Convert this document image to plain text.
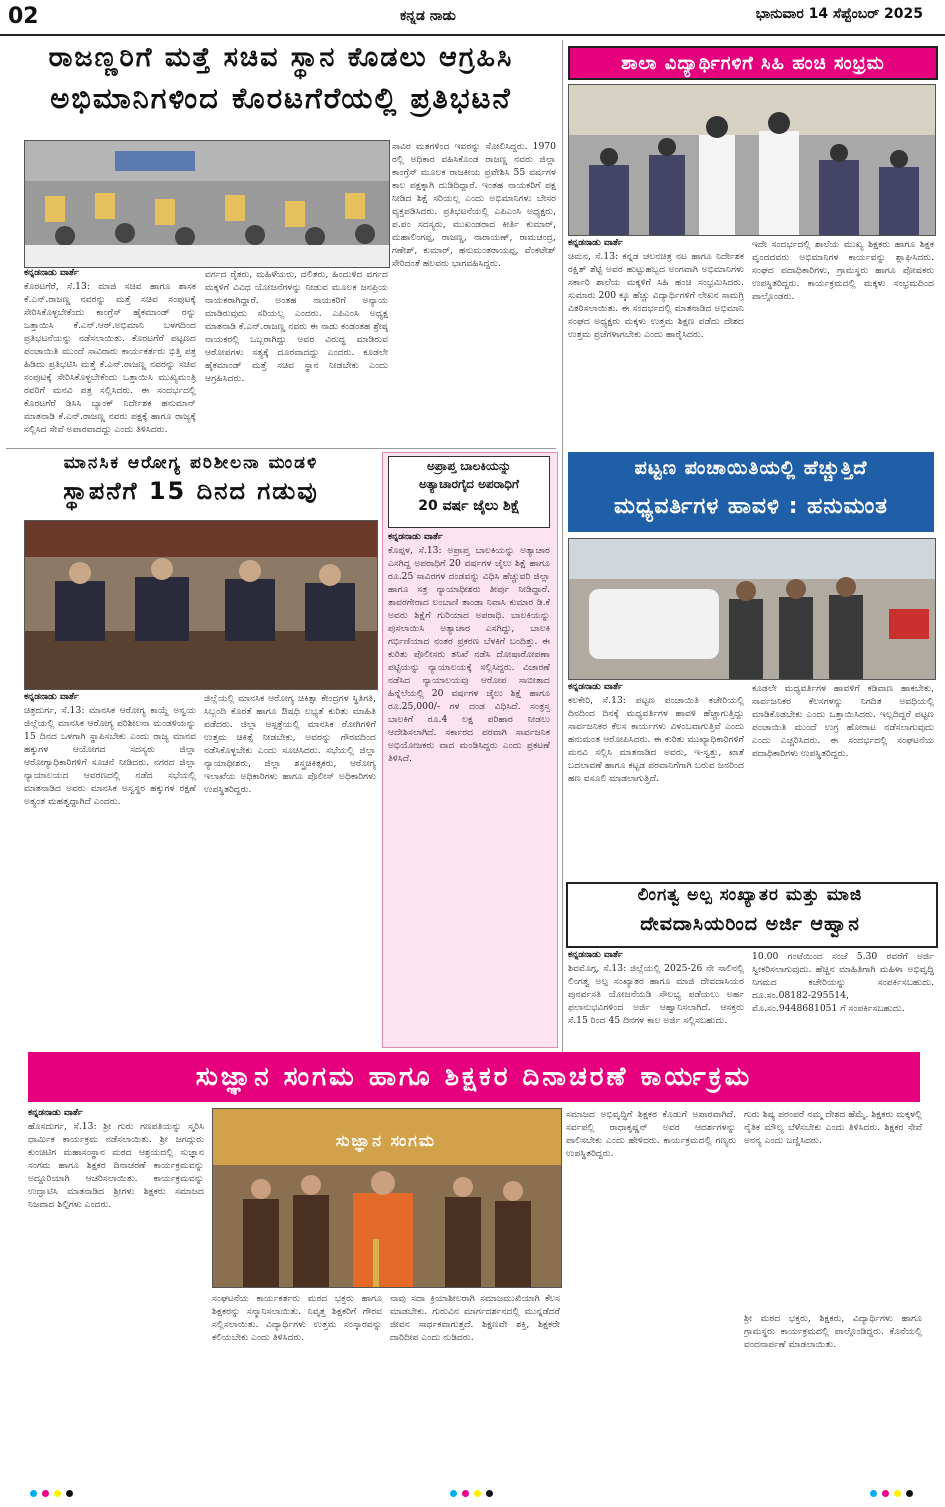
02	ಕನ್ನಡ ನಾಡು	ಭಾನುವಾರ 14 ಸೆಪ್ಟೆಂಬರ್ 2025
ರಾಜಣ್ಣರಿಗೆ ಮತ್ತೆ ಸಚಿವ ಸ್ಥಾನ ಕೊಡಲು ಆಗ್ರಹಿಸಿ
ಅಭಿಮಾನಿಗಳಿಂದ ಕೊರಟಗೆರೆಯಲ್ಲಿ ಪ್ರತಿಭಟನೆ
ಕನ್ನಡನಾಡು ವಾರ್ತೆ
ಕೊರಟಗೆರೆ, ಸೆ.13: ಮಾಜಿ ಸಚಿವ ಹಾಗೂ ಶಾಸಕ ಕೆ.ಎನ್.ರಾಜಣ್ಣ ನವರನ್ನು ಮತ್ತೆ ಸಚಿವ ಸಂಪುಟಕ್ಕೆ ಸೇರಿಸಿಕೊಳ್ಳಬೇಕೆಂದು ಕಾಂಗ್ರೆಸ್ ಹೈಕಮಾಂಡ್ ರನ್ನು ಒತ್ತಾಯಿಸಿ ಕೆ.ಎನ್.ಆರ್.ಅಭಿಮಾನಿ ಬಳಗದಿಂದ ಪ್ರತಿಭಟನೆಯನ್ನು ನಡೆಸಲಾಯಿತು. ಕೊರಟಗೆರೆ ಪಟ್ಟಣದ ಪಂಚಾಯಿತಿ ಮುಂದೆ ಸಾವಿರಾರು ಕಾರ್ಯಕರ್ತರು ಭಿತ್ತಿ ಪತ್ರ ಹಿಡಿದು ಪ್ರತಿಭಟಿಸಿ ಮತ್ತೆ ಕೆ.ಎನ್.ರಾಜಣ್ಣ ನವರನ್ನು ಸಚಿವ ಸಂಪುಟಕ್ಕೆ ಸೇರಿಸಿಕೊಳ್ಳಬೇಕೆಂದು ಒತ್ತಾಯಿಸಿ ಮುಖ್ಯಮಂತ್ರಿ ರವರಿಗೆ ಮನವಿ ಪತ್ರ ಸಲ್ಲಿಸಿದರು. ಈ ಸಂದರ್ಭದಲ್ಲಿ ಕೊರಟಗೆರೆ ಡಿಸಿಸಿ ಬ್ಯಾಂಕ್ ನಿರ್ದೇಶಕ ಹನುಮಾನ್ ಮಾತನಾಡಿ ಕೆ.ಎನ್.ರಾಜಣ್ಣ ನವರು ಪಕ್ಷಕ್ಕೆ ಹಾಗೂ ರಾಜ್ಯಕ್ಕೆ ಸಲ್ಲಿಸಿದ ಸೇವೆ ಅಪಾರವಾದದ್ದು ಎಂದು ತಿಳಿಸಿದರು.
ವರ್ಗದ ರೈತರು, ಮಹಿಳೆಯರು, ದಲಿತರು, ಹಿಂದುಳಿದ ವರ್ಗದ ಮಕ್ಕಳಿಗೆ ವಿವಿಧ ಯೋಜನೆಗಳನ್ನು ನೀಡುವ ಮೂಲಕ ಜನಪ್ರಿಯ ನಾಯಕರಾಗಿದ್ದಾರೆ. ಅಂತಹ ನಾಯಕರಿಗೆ ಅನ್ಯಾಯ ಮಾಡಿರುವುದು ಸರಿಯಲ್ಲ ಎಂದರು. ಎಪಿಎಂಸಿ ಅಧ್ಯಕ್ಷ ಮಾತನಾಡಿ ಕೆ.ಎನ್.ರಾಜಣ್ಣ ನವರು ಈ ನಾಡು ಕಂಡಂತಹ ಶ್ರೇಷ್ಠ ನಾಯಕರಲ್ಲಿ ಒಬ್ಬರಾಗಿದ್ದು ಅವರ ವಿರುದ್ಧ ಮಾಡಿರುವ ಆರೋಪಗಳು ಸತ್ಯಕ್ಕೆ ದೂರವಾದದ್ದು ಎಂದರು. ಕೂಡಲೇ ಹೈಕಮಾಂಡ್ ಮತ್ತೆ ಸಚಿವ ಸ್ಥಾನ ನೀಡಬೇಕು ಎಂದು ಆಗ್ರಹಿಸಿದರು.
ಸಾವಿರ ಮತಗಳಿಂದ ಇವರನ್ನು ಸೋಲಿಸಿದ್ದರು. 1970 ರಲ್ಲಿ ಅಧಿಕಾರ ವಹಿಸಿಕೊಂಡ ರಾಜಣ್ಣ ನವರು ಜಿಲ್ಲಾ ಕಾಂಗ್ರೆಸ್ ಮೂಲಕ ರಾಜಕೀಯ ಪ್ರವೇಶಿಸಿ 55 ವರ್ಷಗಳ ಕಾಲ ಪಕ್ಷಕ್ಕಾಗಿ ದುಡಿದಿದ್ದಾರೆ. ಇಂತಹ ನಾಯಕರಿಗೆ ಪಕ್ಷ ನೀಡಿದ ಶಿಕ್ಷೆ ಸರಿಯಲ್ಲ ಎಂದು ಅಭಿಮಾನಿಗಳು ಬೇಸರ ವ್ಯಕ್ತಪಡಿಸಿದರು. ಪ್ರತಿಭಟನೆಯಲ್ಲಿ ಎಪಿಎಂಸಿ ಅಧ್ಯಕ್ಷರು, ಪ.ಪಂ ಸದಸ್ಯರು, ಮುಖಂಡರಾದ ಕೀರ್ತಿ ಕುಮಾರ್, ಮಹಾಲಿಂಗಪ್ಪ, ರಾಜಣ್ಣ, ನಾರಾಯಣ್, ರಾಮಚಂದ್ರ, ಗಣೇಶ್, ಕುಮಾರ್, ಹನುಮಂತರಾಯಪ್ಪ, ವೆಂಕಟೇಶ್ ಸೇರಿದಂತೆ ಹಲವರು ಭಾಗವಹಿಸಿದ್ದರು.
ಶಾಲಾ ವಿದ್ಯಾರ್ಥಿಗಳಿಗೆ ಸಿಹಿ ಹಂಚಿ ಸಂಭ್ರಮ
ಕನ್ನಡನಾಡು ವಾರ್ತೆ
ಚಿಮನ, ಸೆ.13: ಕನ್ನಡ ಚಲನಚಿತ್ರ ನಟ ಹಾಗೂ ನಿರ್ದೇಶಕ ರಕ್ಷಿತ್ ಶೆಟ್ಟಿ ಅವರ ಹುಟ್ಟುಹಬ್ಬದ ಅಂಗವಾಗಿ ಅಭಿಮಾನಿಗಳು ಸರ್ಕಾರಿ ಶಾಲೆಯ ಮಕ್ಕಳಿಗೆ ಸಿಹಿ ಹಂಚಿ ಸಂಭ್ರಮಿಸಿದರು. ಸುಮಾರು 200 ಕ್ಕೂ ಹೆಚ್ಚು ವಿದ್ಯಾರ್ಥಿಗಳಿಗೆ ಲೇಖನ ಸಾಮಗ್ರಿ ವಿತರಿಸಲಾಯಿತು. ಈ ಸಂದರ್ಭದಲ್ಲಿ ಮಾತನಾಡಿದ ಅಭಿಮಾನಿ ಸಂಘದ ಅಧ್ಯಕ್ಷರು ಮಕ್ಕಳು ಉತ್ತಮ ಶಿಕ್ಷಣ ಪಡೆದು ದೇಶದ ಉತ್ತಮ ಪ್ರಜೆಗಳಾಗಬೇಕು ಎಂದು ಹಾರೈಸಿದರು.
ಇದೇ ಸಂದರ್ಭದಲ್ಲಿ ಶಾಲೆಯ ಮುಖ್ಯ ಶಿಕ್ಷಕರು ಹಾಗೂ ಶಿಕ್ಷಕ ವೃಂದದವರು ಅಭಿಮಾನಿಗಳ ಕಾರ್ಯವನ್ನು ಶ್ಲಾಘಿಸಿದರು. ಸಂಘದ ಪದಾಧಿಕಾರಿಗಳು, ಗ್ರಾಮಸ್ಥರು ಹಾಗೂ ಪೋಷಕರು ಉಪಸ್ಥಿತರಿದ್ದರು. ಕಾರ್ಯಕ್ರಮದಲ್ಲಿ ಮಕ್ಕಳು ಸಂಭ್ರಮದಿಂದ ಪಾಲ್ಗೊಂಡರು.
ಮಾನಸಿಕ ಆರೋಗ್ಯ ಪರಿಶೀಲನಾ ಮಂಡಳಿ
ಸ್ಥಾಪನೆಗೆ 15 ದಿನದ ಗಡುವು
ಕನ್ನಡನಾಡು ವಾರ್ತೆ
ಚಿತ್ರದುರ್ಗ, ಸೆ.13: ಮಾನಸಿಕ ಆರೋಗ್ಯ ಕಾಯ್ದೆ ಅನ್ವಯ ಜಿಲ್ಲೆಯಲ್ಲಿ ಮಾನಸಿಕ ಆರೋಗ್ಯ ಪರಿಶೀಲನಾ ಮಂಡಳಿಯನ್ನು 15 ದಿನದ ಒಳಗಾಗಿ ಸ್ಥಾಪಿಸಬೇಕು ಎಂದು ರಾಜ್ಯ ಮಾನವ ಹಕ್ಕುಗಳ ಆಯೋಗದ ಸದಸ್ಯರು ಜಿಲ್ಲಾ ಆರೋಗ್ಯಾಧಿಕಾರಿಗಳಿಗೆ ಸೂಚನೆ ನೀಡಿದರು. ನಗರದ ಜಿಲ್ಲಾ ನ್ಯಾಯಾಲಯದ ಆವರಣದಲ್ಲಿ ನಡೆದ ಸಭೆಯಲ್ಲಿ ಮಾತನಾಡಿದ ಅವರು ಮಾನಸಿಕ ಅಸ್ವಸ್ಥರ ಹಕ್ಕುಗಳ ರಕ್ಷಣೆ ಅತ್ಯಂತ ಮಹತ್ವದ್ದಾಗಿದೆ ಎಂದರು.
ಜಿಲ್ಲೆಯಲ್ಲಿ ಮಾನಸಿಕ ಆರೋಗ್ಯ ಚಿಕಿತ್ಸಾ ಕೇಂದ್ರಗಳ ಸ್ಥಿತಿಗತಿ, ಸಿಬ್ಬಂದಿ ಕೊರತೆ ಹಾಗೂ ಔಷಧಿ ಲಭ್ಯತೆ ಕುರಿತು ಮಾಹಿತಿ ಪಡೆದರು. ಜಿಲ್ಲಾ ಆಸ್ಪತ್ರೆಯಲ್ಲಿ ಮಾನಸಿಕ ರೋಗಿಗಳಿಗೆ ಉತ್ತಮ ಚಿಕಿತ್ಸೆ ನೀಡಬೇಕು, ಅವರನ್ನು ಗೌರವದಿಂದ ನಡೆಸಿಕೊಳ್ಳಬೇಕು ಎಂದು ಸೂಚಿಸಿದರು. ಸಭೆಯಲ್ಲಿ ಜಿಲ್ಲಾ ನ್ಯಾಯಾಧೀಶರು, ಜಿಲ್ಲಾ ಶಸ್ತ್ರಚಿಕಿತ್ಸಕರು, ಆರೋಗ್ಯ ಇಲಾಖೆಯ ಅಧಿಕಾರಿಗಳು ಹಾಗೂ ಪೊಲೀಸ್ ಅಧಿಕಾರಿಗಳು ಉಪಸ್ಥಿತರಿದ್ದರು.
ಅಪ್ರಾಪ್ತ ಬಾಲಕಿಯನ್ನು
ಅತ್ಯಾಚಾರಗೈದ ಅಪರಾಧಿಗೆ
20 ವರ್ಷ ಜೈಲು ಶಿಕ್ಷೆ
ಕನ್ನಡನಾಡು ವಾರ್ತೆ
ಕೊಪ್ಪಳ, ಸೆ.13: ಅಪ್ರಾಪ್ತ ಬಾಲಕಿಯನ್ನು ಅತ್ಯಾಚಾರ ಎಸಗಿದ್ದ ಅಪರಾಧಿಗೆ 20 ವರ್ಷಗಳ ಜೈಲು ಶಿಕ್ಷೆ ಹಾಗೂ ರೂ.25 ಸಾವಿರಗಳ ದಂಡವನ್ನು ವಿಧಿಸಿ ಹೆಚ್ಚುವರಿ ಜಿಲ್ಲಾ ಹಾಗೂ ಸತ್ರ ನ್ಯಾಯಾಧೀಶರು ತೀರ್ಪು ನೀಡಿದ್ದಾರೆ. ತಾವರಗೇರಾದ ಲಂಬಾಣಿ ತಾಂಡಾ ನಿವಾಸಿ ಕುಮಾರ ಡಿ.ಕೆ ಅವರು ಶಿಕ್ಷೆಗೆ ಗುರಿಯಾದ ಅಪರಾಧಿ. ಬಾಲಕಿಯನ್ನು ಪುಸಲಾಯಿಸಿ ಅತ್ಯಾಚಾರ ಎಸಗಿದ್ದು, ಬಾಲಕಿ ಗರ್ಭಿಣಿಯಾದ ನಂತರ ಪ್ರಕರಣ ಬೆಳಕಿಗೆ ಬಂದಿತ್ತು. ಈ ಕುರಿತು ಪೊಲೀಸರು ತನಿಖೆ ನಡೆಸಿ ದೋಷಾರೋಪಣಾ ಪಟ್ಟಿಯನ್ನು ನ್ಯಾಯಾಲಯಕ್ಕೆ ಸಲ್ಲಿಸಿದ್ದರು. ವಿಚಾರಣೆ ನಡೆಸಿದ ನ್ಯಾಯಾಲಯವು ಆರೋಪ ಸಾಬೀತಾದ ಹಿನ್ನೆಲೆಯಲ್ಲಿ 20 ವರ್ಷಗಳ ಜೈಲು ಶಿಕ್ಷೆ ಹಾಗೂ ರೂ.25,000/- ಗಳ ದಂಡ ವಿಧಿಸಿದೆ. ಸಂತ್ರಸ್ತ ಬಾಲಕಿಗೆ ರೂ.4 ಲಕ್ಷ ಪರಿಹಾರ ನೀಡಲು ಆದೇಶಿಸಲಾಗಿದೆ. ಸರ್ಕಾರದ ಪರವಾಗಿ ಸಾರ್ವಜನಿಕ ಅಭಿಯೋಜಕರು ವಾದ ಮಂಡಿಸಿದ್ದರು ಎಂದು ಪ್ರಕಟಣೆ ತಿಳಿಸಿದೆ.
ಪಟ್ಟಣ ಪಂಚಾಯಿತಿಯಲ್ಲಿ ಹೆಚ್ಚುತ್ತಿದೆ
ಮಧ್ಯವರ್ತಿಗಳ ಹಾವಳಿ : ಹನುಮಂತ
ಕನ್ನಡನಾಡು ವಾರ್ತೆ
ಕಲಕೇರಿ, ಸೆ.13: ಪಟ್ಟಣ ಪಂಚಾಯಿತಿ ಕಚೇರಿಯಲ್ಲಿ ದಿನದಿಂದ ದಿನಕ್ಕೆ ಮಧ್ಯವರ್ತಿಗಳ ಹಾವಳಿ ಹೆಚ್ಚಾಗುತ್ತಿದ್ದು ಸಾರ್ವಜನಿಕರ ಕೆಲಸ ಕಾರ್ಯಗಳು ವಿಳಂಬವಾಗುತ್ತಿವೆ ಎಂದು ಹನುಮಂತ ಆರೋಪಿಸಿದರು. ಈ ಕುರಿತು ಮುಖ್ಯಾಧಿಕಾರಿಗಳಿಗೆ ಮನವಿ ಸಲ್ಲಿಸಿ ಮಾತನಾಡಿದ ಅವರು, ಇ-ಸ್ವತ್ತು, ಖಾತೆ ಬದಲಾವಣೆ ಹಾಗೂ ಕಟ್ಟಡ ಪರವಾನಿಗೆಗಾಗಿ ಬರುವ ಜನರಿಂದ ಹಣ ವಸೂಲಿ ಮಾಡಲಾಗುತ್ತಿದೆ.
ಕೂಡಲೇ ಮಧ್ಯವರ್ತಿಗಳ ಹಾವಳಿಗೆ ಕಡಿವಾಣ ಹಾಕಬೇಕು, ಸಾರ್ವಜನಿಕರ ಕೆಲಸಗಳನ್ನು ನಿಗದಿತ ಅವಧಿಯಲ್ಲಿ ಮಾಡಿಕೊಡಬೇಕು ಎಂದು ಒತ್ತಾಯಿಸಿದರು. ಇಲ್ಲದಿದ್ದರೆ ಪಟ್ಟಣ ಪಂಚಾಯಿತಿ ಮುಂದೆ ಉಗ್ರ ಹೋರಾಟ ನಡೆಸಲಾಗುವುದು ಎಂದು ಎಚ್ಚರಿಸಿದರು. ಈ ಸಂದರ್ಭದಲ್ಲಿ ಸಂಘಟನೆಯ ಪದಾಧಿಕಾರಿಗಳು ಉಪಸ್ಥಿತರಿದ್ದರು.
ಲಿಂಗತ್ವ ಅಲ್ಪ ಸಂಖ್ಯಾತರ ಮತ್ತು ಮಾಜಿ
ದೇವದಾಸಿಯರಿಂದ ಅರ್ಜಿ ಆಹ್ವಾನ
ಕನ್ನಡನಾಡು ವಾರ್ತೆ
ಶಿವಮೊಗ್ಗ, ಸೆ.13: ಜಿಲ್ಲೆಯಲ್ಲಿ 2025-26 ನೇ ಸಾಲಿನಲ್ಲಿ ಲಿಂಗತ್ವ ಅಲ್ಪ ಸಂಖ್ಯಾತರ ಹಾಗೂ ಮಾಜಿ ದೇವದಾಸಿಯರ ಪುನರ್ವಸತಿ ಯೋಜನೆಯಡಿ ಸೌಲಭ್ಯ ಪಡೆಯಲು ಅರ್ಹ ಫಲಾನುಭವಿಗಳಿಂದ ಅರ್ಜಿ ಆಹ್ವಾನಿಸಲಾಗಿದೆ. ಆಸಕ್ತರು ಸೆ.15 ರಿಂದ 45 ದಿನಗಳ ಕಾಲ ಅರ್ಜಿ ಸಲ್ಲಿಸಬಹುದು.
10.00 ಗಂಟೆಯಿಂದ ಸಂಜೆ 5.30 ರವರೆಗೆ ಅರ್ಜಿ ಸ್ವೀಕರಿಸಲಾಗುವುದು. ಹೆಚ್ಚಿನ ಮಾಹಿತಿಗಾಗಿ ಮಹಿಳಾ ಅಭಿವೃದ್ಧಿ ನಿಗಮದ ಕಚೇರಿಯನ್ನು ಸಂಪರ್ಕಿಸಬಹುದು. ದೂ.ಸಂ.08182-295514, ಮೊ.ಸಂ.9448681051 ಗೆ ಸಂಪರ್ಕಿಸಬಹುದು.
ಸುಜ್ಞಾನ ಸಂಗಮ ಹಾಗೂ ಶಿಕ್ಷಕರ ದಿನಾಚರಣೆ ಕಾರ್ಯಕ್ರಮ
ಕನ್ನಡನಾಡು ವಾರ್ತೆ
ಹೊಸದುರ್ಗ, ಸೆ.13: ಶ್ರೀ ಗುರು ಗಣಪತಿಯನ್ನು ಸ್ಮರಿಸಿ ಧಾರ್ಮಿಕ ಕಾರ್ಯಕ್ರಮ ನಡೆಸಲಾಯಿತು. ಶ್ರೀ ಜಗದ್ಗುರು ಕುಂಚಿಟಿಗ ಮಹಾಸಂಸ್ಥಾನ ಮಠದ ಆಶ್ರಯದಲ್ಲಿ ಸುಜ್ಞಾನ ಸಂಗಮ ಹಾಗೂ ಶಿಕ್ಷಕರ ದಿನಾಚರಣೆ ಕಾರ್ಯಕ್ರಮವನ್ನು ಅದ್ದೂರಿಯಾಗಿ ಆಚರಿಸಲಾಯಿತು. ಕಾರ್ಯಕ್ರಮವನ್ನು ಉದ್ಘಾಟಿಸಿ ಮಾತನಾಡಿದ ಶ್ರೀಗಳು ಶಿಕ್ಷಕರು ಸಮಾಜದ ನಿಜವಾದ ಶಿಲ್ಪಿಗಳು ಎಂದರು.
ಸುಜ್ಞಾನ ಸಂಗಮ
ಸಂಘಟನೆಯ ಕಾರ್ಯಕರ್ತರು ಮಠದ ಭಕ್ತರು ಹಾಗೂ ಶಿಕ್ಷಕರನ್ನು ಸನ್ಮಾನಿಸಲಾಯಿತು. ನಿವೃತ್ತ ಶಿಕ್ಷಕರಿಗೆ ಗೌರವ ಸಲ್ಲಿಸಲಾಯಿತು. ವಿದ್ಯಾರ್ಥಿಗಳು ಉತ್ತಮ ಸಂಸ್ಕಾರವನ್ನು ಕಲಿಯಬೇಕು ಎಂದು ತಿಳಿಸಿದರು.
ನಾವು ಸದಾ ಕ್ರಿಯಾಶೀಲರಾಗಿ ಸಮಾಜಮುಖಿಯಾಗಿ ಕೆಲಸ ಮಾಡಬೇಕು. ಗುರುವಿನ ಮಾರ್ಗದರ್ಶನದಲ್ಲಿ ಮುನ್ನಡೆದರೆ ಜೀವನ ಸಾರ್ಥಕವಾಗುತ್ತದೆ. ಶಿಕ್ಷಣವೇ ಶಕ್ತಿ, ಶಿಕ್ಷಕರೇ ದಾರಿದೀಪ ಎಂದು ನುಡಿದರು.
ಸಮಾಜದ ಅಭಿವೃದ್ಧಿಗೆ ಶಿಕ್ಷಕರ ಕೊಡುಗೆ ಅಪಾರವಾಗಿದೆ. ಸರ್ವಪಲ್ಲಿ ರಾಧಾಕೃಷ್ಣನ್ ಅವರ ಆದರ್ಶಗಳನ್ನು ಪಾಲಿಸಬೇಕು ಎಂದು ಹೇಳಿದರು. ಕಾರ್ಯಕ್ರಮದಲ್ಲಿ ಗಣ್ಯರು ಉಪಸ್ಥಿತರಿದ್ದರು.
ಗುರು ಶಿಷ್ಯ ಪರಂಪರೆ ನಮ್ಮ ದೇಶದ ಹೆಮ್ಮೆ. ಶಿಕ್ಷಕರು ಮಕ್ಕಳಲ್ಲಿ ನೈತಿಕ ಮೌಲ್ಯ ಬೆಳೆಸಬೇಕು ಎಂದು ತಿಳಿಸಿದರು. ಶಿಕ್ಷಕರ ಸೇವೆ ಅನನ್ಯ ಎಂದು ಬಣ್ಣಿಸಿದರು.
ಶ್ರೀ ಮಠದ ಭಕ್ತರು, ಶಿಕ್ಷಕರು, ವಿದ್ಯಾರ್ಥಿಗಳು ಹಾಗೂ ಗ್ರಾಮಸ್ಥರು ಕಾರ್ಯಕ್ರಮದಲ್ಲಿ ಪಾಲ್ಗೊಂಡಿದ್ದರು. ಕೊನೆಯಲ್ಲಿ ವಂದನಾರ್ಪಣೆ ಮಾಡಲಾಯಿತು.
